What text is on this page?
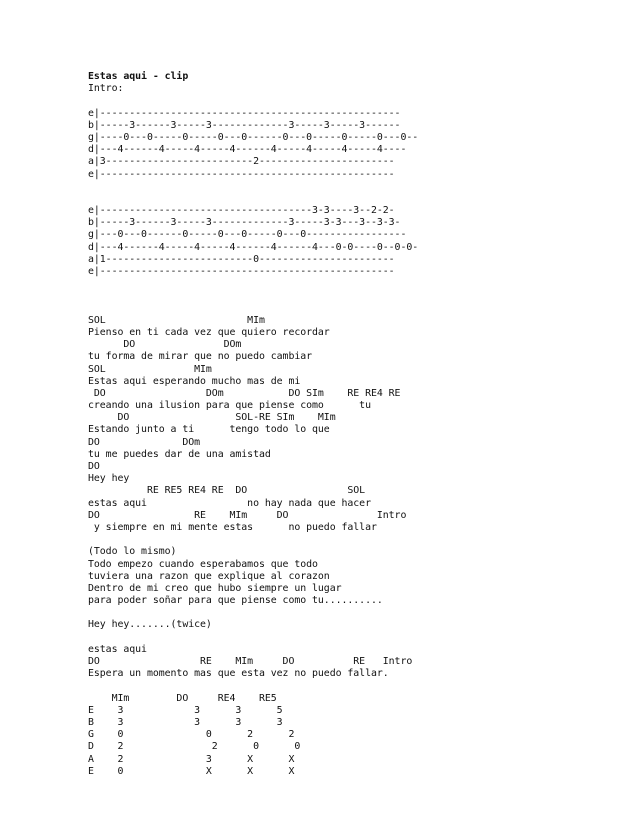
Estas aqui - clip
Intro:
e|---------------------------------------------------
b|-----3------3-----3-------------3-----3-----3------
g|----0---0-----0-----0---0------0---0-----0-----0---0--
d|---4------4-----4-----4------4-----4-----4-----4----
a|3-------------------------2-----------------------
e|--------------------------------------------------
e|------------------------------------3-3----3--2-2-
b|-----3------3-----3-------------3-----3-3---3--3-3-
g|---0---0------0-----0---0-----0---0-----------------
d|---4------4-----4-----4------4------4---0-0----0--0-0-
a|1-------------------------0-----------------------
e|--------------------------------------------------
SOL                        MIm
Pienso en ti cada vez que quiero recordar
DO               DOm
tu forma de mirar que no puedo cambiar
SOL               MIm
Estas aqui esperando mucho mas de mi
DO                 DOm           DO SIm    RE RE4 RE
creando una ilusion para que piense como      tu
DO                  SOL-RE SIm    MIm
Estando junto a ti      tengo todo lo que
DO              DOm
tu me puedes dar de una amistad
DO
Hey hey
RE RE5 RE4 RE  DO                 SOL
estas aqui                 no hay nada que hacer
DO                RE    MIm     DO               Intro
y siempre en mi mente estas      no puedo fallar
(Todo lo mismo)
Todo empezo cuando esperabamos que todo
tuviera una razon que explique al corazon
Dentro de mi creo que hubo siempre un lugar
para poder soñar para que piense como tu..........
Hey hey.......(twice)
estas aqui
DO                 RE    MIm     DO          RE   Intro
Espera un momento mas que esta vez no puedo fallar.
MIm        DO     RE4    RE5
E    3            3      3      5
B    3            3      3      3
G    0              0      2      2
D    2               2      0      0
A    2              3      X      X
E    0              X      X      X
